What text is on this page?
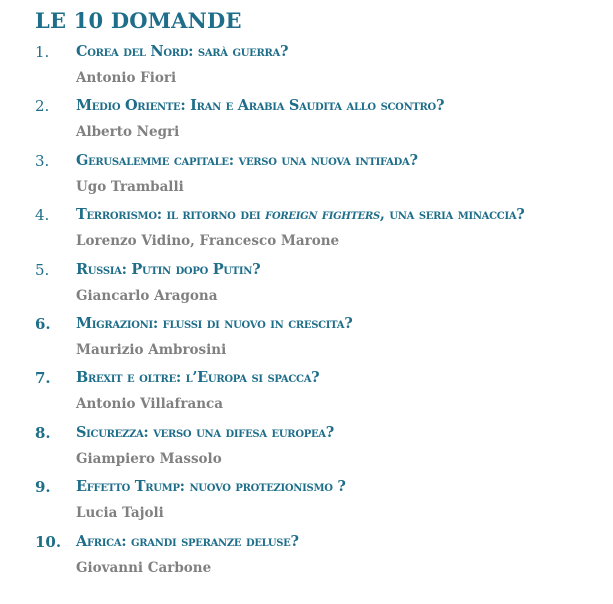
LE 10 DOMANDE
1. Corea del Nord: sarà guerra?
Antonio Fiori
2. Medio Oriente: Iran e Arabia Saudita allo scontro?
Alberto Negri
3. Gerusalemme capitale: verso una nuova intifada?
Ugo Tramballi
4. Terrorismo: il ritorno dei foreign fighters, una seria minaccia?
Lorenzo Vidino, Francesco Marone
5. Russia: Putin dopo Putin?
Giancarlo Aragona
6. Migrazioni: flussi di nuovo in crescita?
Maurizio Ambrosini
7. Brexit e oltre: l’Europa si spacca?
Antonio Villafranca
8. Sicurezza: verso una difesa europea?
Giampiero Massolo
9. Effetto Trump: nuovo protezionismo ?
Lucia Tajoli
10. Africa: grandi speranze deluse?
Giovanni Carbone
